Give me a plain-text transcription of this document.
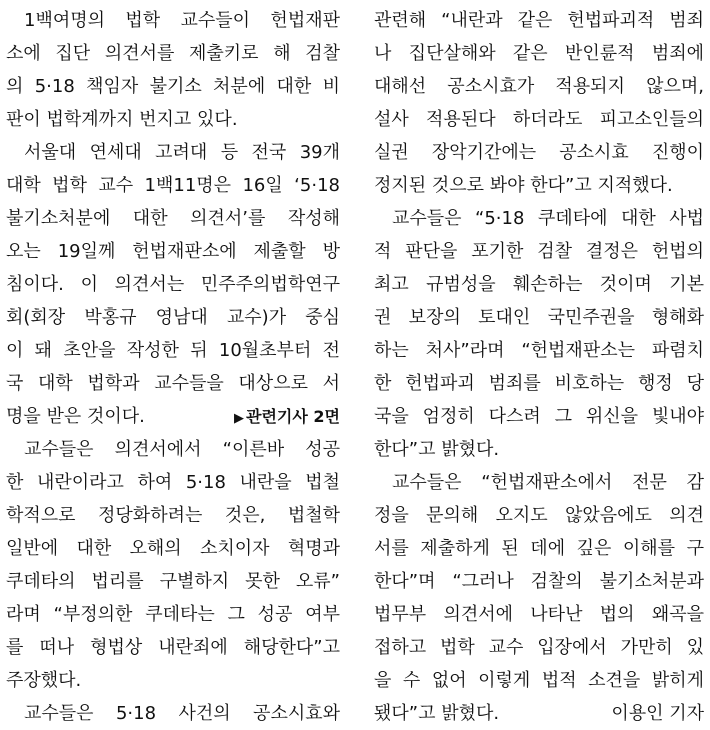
1백여명의 법학 교수들이 헌법재판
소에 집단 의견서를 제출키로 해 검찰
의 5·18 책임자 불기소 처분에 대한 비
판이 법학계까지 번지고 있다.
서울대 연세대 고려대 등 전국 39개
대학 법학 교수 1백11명은 16일 ‘5·18
불기소처분에 대한 의견서’를 작성해
오는 19일께 헌법재판소에 제출할 방
침이다. 이 의견서는 민주주의법학연구
회(회장 박홍규 영남대 교수)가 중심
이 돼 초안을 작성한 뒤 10월초부터 전
국 대학 법학과 교수들을 대상으로 서
명을 받은 것이다.	▶ 관련기사 2면
교수들은 의견서에서 “이른바 성공
한 내란이라고 하여 5·18 내란을 법철
학적으로 정당화하려는 것은, 법철학
일반에 대한 오해의 소치이자 혁명과
쿠데타의 법리를 구별하지 못한 오류”
라며 “부정의한 쿠데타는 그 성공 여부
를 떠나 형법상 내란죄에 해당한다”고
주장했다.
교수들은 5·18 사건의 공소시효와
관련해 “내란과 같은 헌법파괴적 범죄
나 집단살해와 같은 반인륜적 범죄에
대해선 공소시효가 적용되지 않으며,
설사 적용된다 하더라도 피고소인들의
실권 장악기간에는 공소시효 진행이
정지된 것으로 봐야 한다”고 지적했다.
교수들은 “5·18 쿠데타에 대한 사법
적 판단을 포기한 검찰 결정은 헌법의
최고 규범성을 훼손하는 것이며 기본
권 보장의 토대인 국민주권을 형해화
하는 처사”라며 “헌법재판소는 파렴치
한 헌법파괴 범죄를 비호하는 행정 당
국을 엄정히 다스려 그 위신을 빛내야
한다”고 밝혔다.
교수들은 “헌법재판소에서 전문 감
정을 문의해 오지도 않았음에도 의견
서를 제출하게 된 데에 깊은 이해를 구
한다”며 “그러나 검찰의 불기소처분과
법무부 의견서에 나타난 법의 왜곡을
접하고 법학 교수 입장에서 가만히 있
을 수 없어 이렇게 법적 소견을 밝히게
됐다”고 밝혔다.	이용인 기자
